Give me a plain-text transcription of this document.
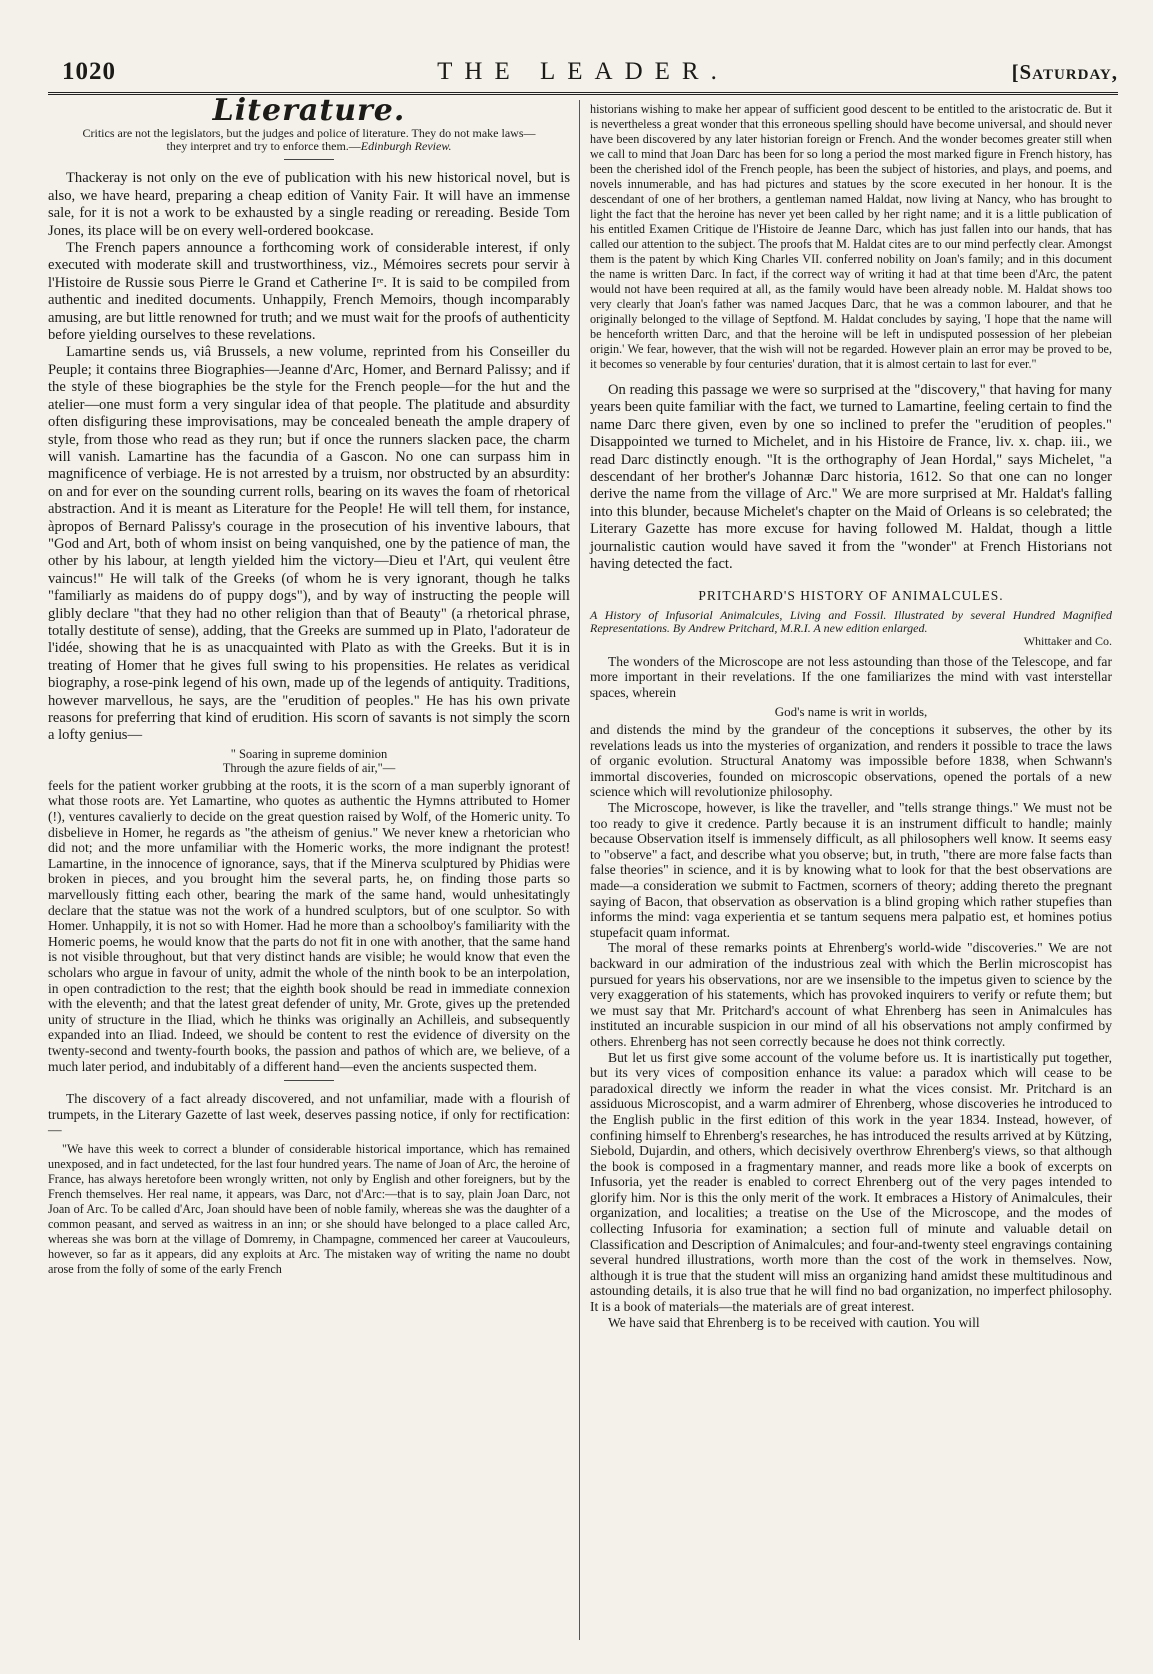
1020	THE LEADER.	[Saturday,
Literature.
Critics are not the legislators, but the judges and police of literature. They do not make laws—they interpret and try to enforce them.—Edinburgh Review.

Thackeray is not only on the eve of publication with his new historical novel, but is also, we have heard, preparing a cheap edition of Vanity Fair. It will have an immense sale, for it is not a work to be exhausted by a single reading or rereading. Beside Tom Jones, its place will be on every well-ordered bookcase.

The French papers announce a forthcoming work of considerable interest, if only executed with moderate skill and trustworthiness, viz., Mémoires secrets pour servir à l'Histoire de Russie sous Pierre le Grand et Catherine Iʳᵉ. It is said to be compiled from authentic and inedited documents. Unhappily, French Memoirs, though incomparably amusing, are but little renowned for truth; and we must wait for the proofs of authenticity before yielding ourselves to these revelations.

Lamartine sends us, viâ Brussels, a new volume, reprinted from his Conseiller du Peuple; it contains three Biographies—Jeanne d'Arc, Homer, and Bernard Palissy; and if the style of these biographies be the style for the French people—for the hut and the atelier—one must form a very singular idea of that people. The platitude and absurdity often disfiguring these improvisations, may be concealed beneath the ample drapery of style, from those who read as they run; but if once the runners slacken pace, the charm will vanish. Lamartine has the facundia of a Gascon. No one can surpass him in magnificence of verbiage. He is not arrested by a truism, nor obstructed by an absurdity: on and for ever on the sounding current rolls, bearing on its waves the foam of rhetorical abstraction. And it is meant as Literature for the People! He will tell them, for instance, àpropos of Bernard Palissy's courage in the prosecution of his inventive labours, that "God and Art, both of whom insist on being vanquished, one by the patience of man, the other by his labour, at length yielded him the victory—Dieu et l'Art, qui veulent être vaincus!" He will talk of the Greeks (of whom he is very ignorant, though he talks "familiarly as maidens do of puppy dogs"), and by way of instructing the people will glibly declare "that they had no other religion than that of Beauty" (a rhetorical phrase, totally destitute of sense), adding, that the Greeks are summed up in Plato, l'adorateur de l'idée, showing that he is as unacquainted with Plato as with the Greeks. But it is in treating of Homer that he gives full swing to his propensities. He relates as veridical biography, a rose-pink legend of his own, made up of the legends of antiquity. Traditions, however marvellous, he says, are the "erudition of peoples." He has his own private reasons for preferring that kind of erudition. His scorn of savants is not simply the scorn a lofty genius—

" Soaring in supreme dominion
Through the azure fields of air,"—

feels for the patient worker grubbing at the roots, it is the scorn of a man superbly ignorant of what those roots are. Yet Lamartine, who quotes as authentic the Hymns attributed to Homer (!), ventures cavalierly to decide on the great question raised by Wolf, of the Homeric unity. To disbelieve in Homer, he regards as "the atheism of genius." We never knew a rhetorician who did not; and the more unfamiliar with the Homeric works, the more indignant the protest! Lamartine, in the innocence of ignorance, says, that if the Minerva sculptured by Phidias were broken in pieces, and you brought him the several parts, he, on finding those parts so marvellously fitting each other, bearing the mark of the same hand, would unhesitatingly declare that the statue was not the work of a hundred sculptors, but of one sculptor. So with Homer. Unhappily, it is not so with Homer. Had he more than a schoolboy's familiarity with the Homeric poems, he would know that the parts do not fit in one with another, that the same hand is not visible throughout, but that very distinct hands are visible; he would know that even the scholars who argue in favour of unity, admit the whole of the ninth book to be an interpolation, in open contradiction to the rest; that the eighth book should be read in immediate connexion with the eleventh; and that the latest great defender of unity, Mr. Grote, gives up the pretended unity of structure in the Iliad, which he thinks was originally an Achilleis, and subsequently expanded into an Iliad. Indeed, we should be content to rest the evidence of diversity on the twenty-second and twenty-fourth books, the passion and pathos of which are, we believe, of a much later period, and indubitably of a different hand—even the ancients suspected them.

The discovery of a fact already discovered, and not unfamiliar, made with a flourish of trumpets, in the Literary Gazette of last week, deserves passing notice, if only for rectification:—

"We have this week to correct a blunder of considerable historical importance, which has remained unexposed, and in fact undetected, for the last four hundred years. The name of Joan of Arc, the heroine of France, has always heretofore been wrongly written, not only by English and other foreigners, but by the French themselves. Her real name, it appears, was Darc, not d'Arc:—that is to say, plain Joan Darc, not Joan of Arc. To be called d'Arc, Joan should have been of noble family, whereas she was the daughter of a common peasant, and served as waitress in an inn; or she should have belonged to a place called Arc, whereas she was born at the village of Domremy, in Champagne, commenced her career at Vaucouleurs, however, so far as it appears, did any exploits at Arc. The mistaken way of writing the name no doubt arose from the folly of some of the early French

historians wishing to make her appear of sufficient good descent to be entitled to the aristocratic de. But it is nevertheless a great wonder that this erroneous spelling should have become universal, and should never have been discovered by any later historian foreign or French. And the wonder becomes greater still when we call to mind that Joan Darc has been for so long a period the most marked figure in French history, has been the cherished idol of the French people, has been the subject of histories, and plays, and poems, and novels innumerable, and has had pictures and statues by the score executed in her honour. It is the descendant of one of her brothers, a gentleman named Haldat, now living at Nancy, who has brought to light the fact that the heroine has never yet been called by her right name; and it is a little publication of his entitled Examen Critique de l'Histoire de Jeanne Darc, which has just fallen into our hands, that has called our attention to the subject. The proofs that M. Haldat cites are to our mind perfectly clear. Amongst them is the patent by which King Charles VII. conferred nobility on Joan's family; and in this document the name is written Darc. In fact, if the correct way of writing it had at that time been d'Arc, the patent would not have been required at all, as the family would have been already noble. M. Haldat shows too very clearly that Joan's father was named Jacques Darc, that he was a common labourer, and that he originally belonged to the village of Septfond. M. Haldat concludes by saying, 'I hope that the name will be henceforth written Darc, and that the heroine will be left in undisputed possession of her plebeian origin.' We fear, however, that the wish will not be regarded. However plain an error may be proved to be, it becomes so venerable by four centuries' duration, that it is almost certain to last for ever."

On reading this passage we were so surprised at the "discovery," that having for many years been quite familiar with the fact, we turned to Lamartine, feeling certain to find the name Darc there given, even by one so inclined to prefer the "erudition of peoples." Disappointed we turned to Michelet, and in his Histoire de France, liv. x. chap. iii., we read Darc distinctly enough. "It is the orthography of Jean Hordal," says Michelet, "a descendant of her brother's Johannæ Darc historia, 1612. So that one can no longer derive the name from the village of Arc." We are more surprised at Mr. Haldat's falling into this blunder, because Michelet's chapter on the Maid of Orleans is so celebrated; the Literary Gazette has more excuse for having followed M. Haldat, though a little journalistic caution would have saved it from the "wonder" at French Historians not having detected the fact.

PRITCHARD'S HISTORY OF ANIMALCULES.
A History of Infusorial Animalcules, Living and Fossil. Illustrated by several Hundred Magnified Representations. By Andrew Pritchard, M.R.I. A new edition enlarged.
Whittaker and Co.

The wonders of the Microscope are not less astounding than those of the Telescope, and far more important in their revelations. If the one familiarizes the mind with vast interstellar spaces, wherein

God's name is writ in worlds,

and distends the mind by the grandeur of the conceptions it subserves, the other by its revelations leads us into the mysteries of organization, and renders it possible to trace the laws of organic evolution. Structural Anatomy was impossible before 1838, when Schwann's immortal discoveries, founded on microscopic observations, opened the portals of a new science which will revolutionize philosophy.

The Microscope, however, is like the traveller, and "tells strange things." We must not be too ready to give it credence. Partly because it is an instrument difficult to handle; mainly because Observation itself is immensely difficult, as all philosophers well know. It seems easy to "observe" a fact, and describe what you observe; but, in truth, "there are more false facts than false theories" in science, and it is by knowing what to look for that the best observations are made—a consideration we submit to Factmen, scorners of theory; adding thereto the pregnant saying of Bacon, that observation as observation is a blind groping which rather stupefies than informs the mind: vaga experientia et se tantum sequens mera palpatio est, et homines potius stupefacit quam informat.

The moral of these remarks points at Ehrenberg's world-wide "discoveries." We are not backward in our admiration of the industrious zeal with which the Berlin microscopist has pursued for years his observations, nor are we insensible to the impetus given to science by the very exaggeration of his statements, which has provoked inquirers to verify or refute them; but we must say that Mr. Pritchard's account of what Ehrenberg has seen in Animalcules has instituted an incurable suspicion in our mind of all his observations not amply confirmed by others. Ehrenberg has not seen correctly because he does not think correctly.

But let us first give some account of the volume before us. It is inartistically put together, but its very vices of composition enhance its value: a paradox which will cease to be paradoxical directly we inform the reader in what the vices consist. Mr. Pritchard is an assiduous Microscopist, and a warm admirer of Ehrenberg, whose discoveries he introduced to the English public in the first edition of this work in the year 1834. Instead, however, of confining himself to Ehrenberg's researches, he has introduced the results arrived at by Kützing, Siebold, Dujardin, and others, which decisively overthrow Ehrenberg's views, so that although the book is composed in a fragmentary manner, and reads more like a book of excerpts on Infusoria, yet the reader is enabled to correct Ehrenberg out of the very pages intended to glorify him. Nor is this the only merit of the work. It embraces a History of Animalcules, their organization, and localities; a treatise on the Use of the Microscope, and the modes of collecting Infusoria for examination; a section full of minute and valuable detail on Classification and Description of Animalcules; and four-and-twenty steel engravings containing several hundred illustrations, worth more than the cost of the work in themselves. Now, although it is true that the student will miss an organizing hand amidst these multitudinous and astounding details, it is also true that he will find no bad organization, no imperfect philosophy. It is a book of materials—the materials are of great interest.

We have said that Ehrenberg is to be received with caution. You will
